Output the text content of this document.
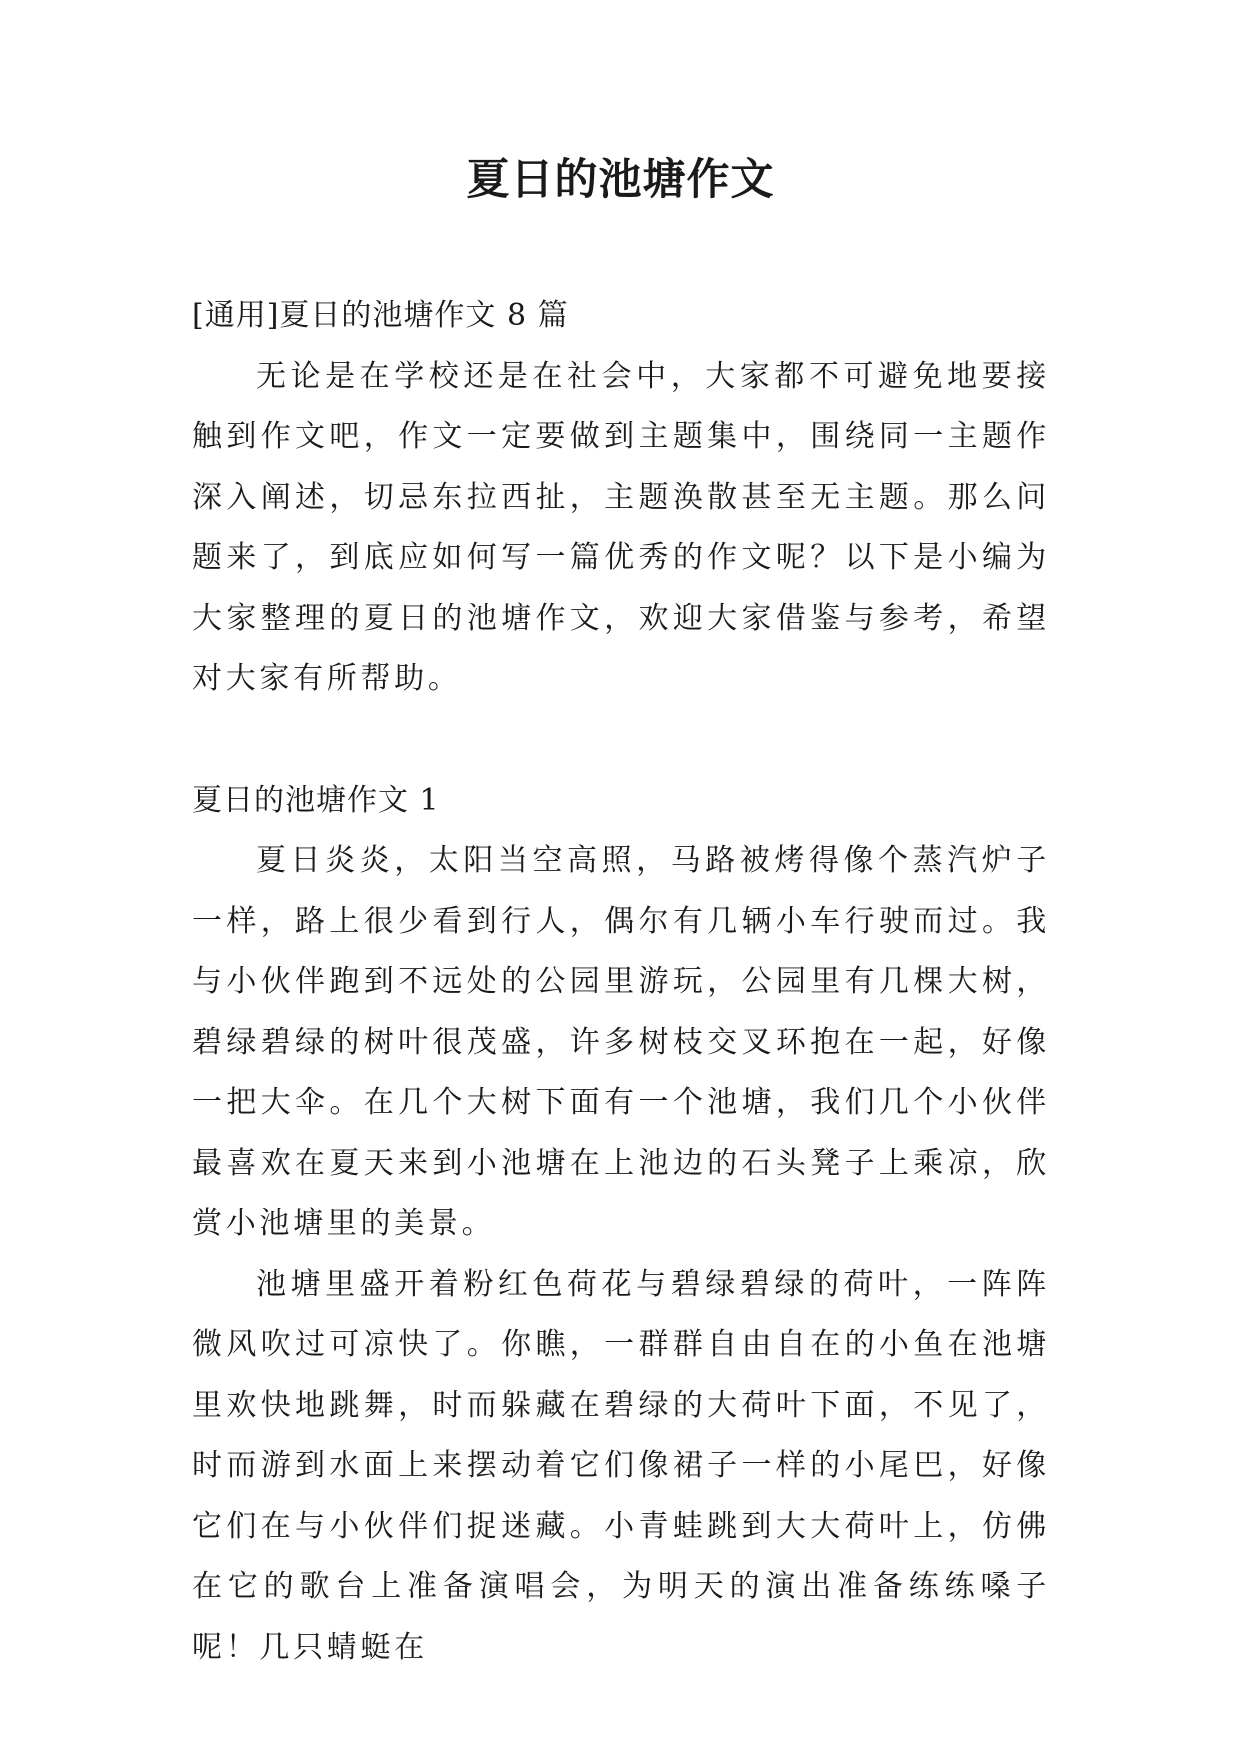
夏日的池塘作文

[通用]夏日的池塘作文 8 篇

无论是在学校还是在社会中，大家都不可避免地要接触到作文吧，作文一定要做到主题集中，围绕同一主题作深入阐述，切忌东拉西扯，主题涣散甚至无主题。那么问题来了，到底应如何写一篇优秀的作文呢？以下是小编为大家整理的夏日的池塘作文，欢迎大家借鉴与参考，希望对大家有所帮助。

夏日的池塘作文 1

夏日炎炎，太阳当空高照，马路被烤得像个蒸汽炉子一样，路上很少看到行人，偶尔有几辆小车行驶而过。我与小伙伴跑到不远处的公园里游玩，公园里有几棵大树，碧绿碧绿的树叶很茂盛，许多树枝交叉环抱在一起，好像一把大伞。在几个大树下面有一个池塘，我们几个小伙伴最喜欢在夏天来到小池塘在上池边的石头凳子上乘凉，欣赏小池塘里的美景。

池塘里盛开着粉红色荷花与碧绿碧绿的荷叶，一阵阵微风吹过可凉快了。你瞧，一群群自由自在的小鱼在池塘里欢快地跳舞，时而躲藏在碧绿的大荷叶下面，不见了，时而游到水面上来摆动着它们像裙子一样的小尾巴，好像它们在与小伙伴们捉迷藏。小青蛙跳到大大荷叶上，仿佛在它的歌台上准备演唱会，为明天的演出准备练练嗓子呢！几只蜻蜓在
